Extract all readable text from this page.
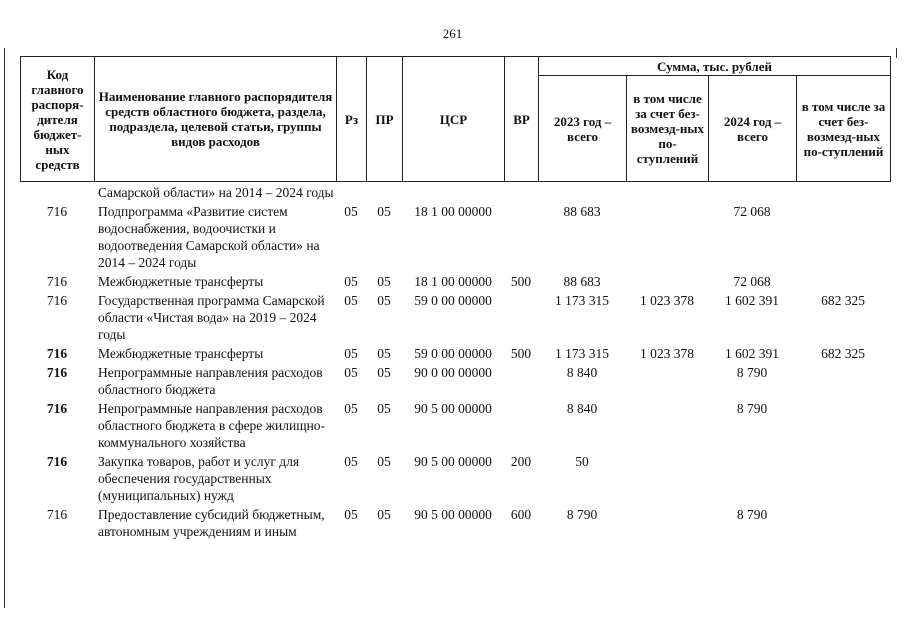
261
Код главного распоря-дителя бюджет-ных средств	Наименование главного распорядителя средств областного бюджета, раздела, подраздела, целевой статьи, группы видов расходов	Рз	ПР	ЦСР	ВР	Сумма, тыс. рублей			
						2023 год – всего	в том числе за счет без-возмезд-ных по-ступлений	2024 год – всего	в том числе за счет без-возмезд-ных по-ступлений
	Самарской области» на 2014 – 2024 годы								

716	Подпрограмма «Развитие систем водоснабжения, водоочистки и водоотведения Самарской области» на 2014 – 2024 годы	05	05	18 1 00 00000		88 683		72 068	

716	Межбюджетные трансферты	05	05	18 1 00 00000	500	88 683		72 068	

716	Государственная программа Самарской области «Чистая вода» на 2019 – 2024 годы	05	05	59 0 00 00000		1 173 315	1 023 378	1 602 391	682 325

716	Межбюджетные трансферты	05	05	59 0 00 00000	500	1 173 315	1 023 378	1 602 391	682 325

716	Непрограммные направления расходов областного бюджета	05	05	90 0 00 00000		8 840		8 790	

716	Непрограммные направления расходов областного бюджета в сфере жилищно-коммунального хозяйства	05	05	90 5 00 00000		8 840		8 790	

716	Закупка товаров, работ и услуг для обеспечения государственных (муниципальных) нужд	05	05	90 5 00 00000	200	50			

716	Предоставление субсидий бюджетным, автономным учреждениям и иным	05	05	90 5 00 00000	600	8 790		8 790	
